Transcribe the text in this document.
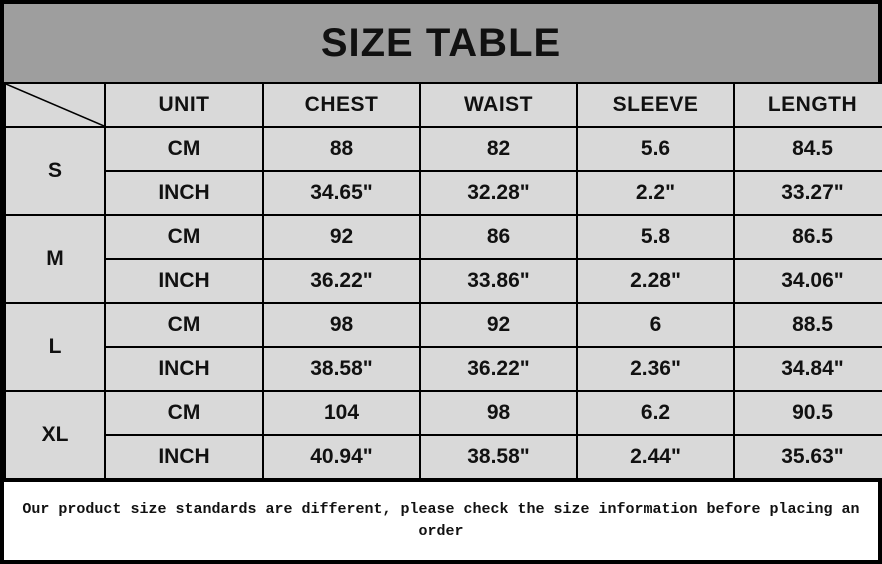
SIZE TABLE
	UNIT	CHEST	WAIST	SLEEVE	LENGTH
S	CM	88	82	5.6	84.5
	INCH	34.65"	32.28"	2.2"	33.27"
M	CM	92	86	5.8	86.5
	INCH	36.22"	33.86"	2.28"	34.06"
L	CM	98	92	6	88.5
	INCH	38.58"	36.22"	2.36"	34.84"
XL	CM	104	98	6.2	90.5
	INCH	40.94"	38.58"	2.44"	35.63"
Our product size standards are different, please check the size information before placing an order
